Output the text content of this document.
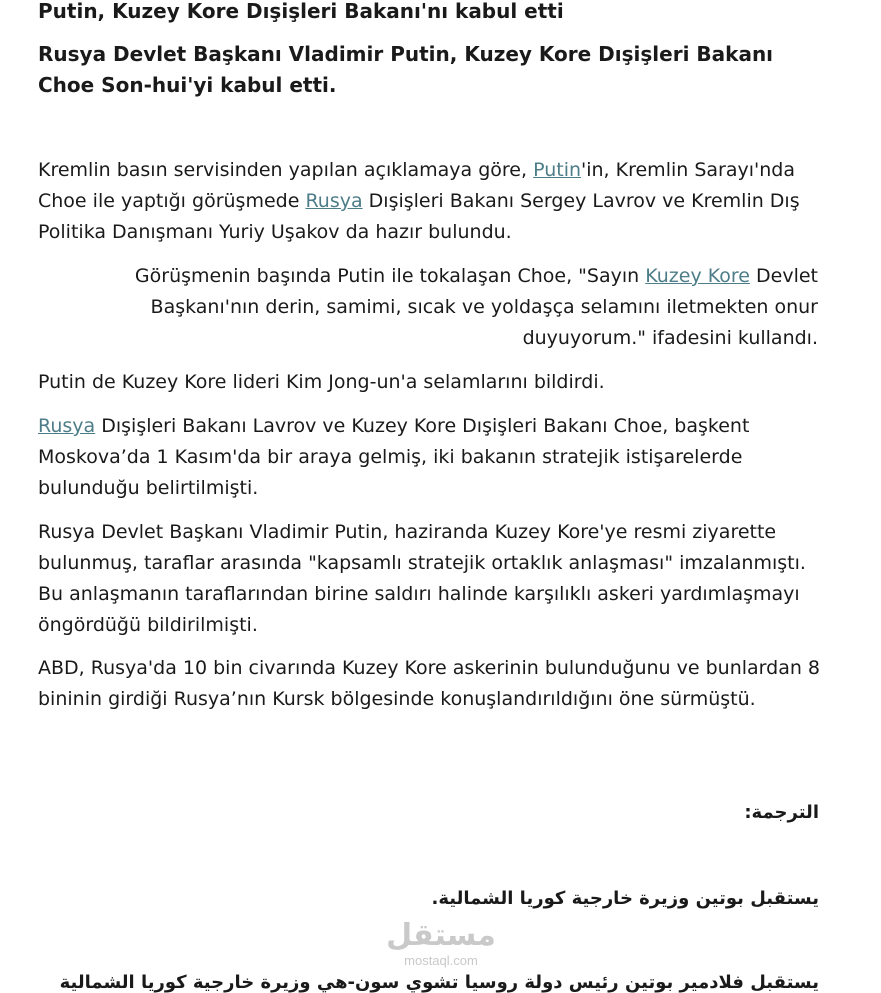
Putin, Kuzey Kore Dışişleri Bakanı'nı kabul etti

Rusya Devlet Başkanı Vladimir Putin, Kuzey Kore Dışişleri Bakanı Choe Son-hui'yi kabul etti.

Kremlin basın servisinden yapılan açıklamaya göre, Putin'in, Kremlin Sarayı'nda Choe ile yaptığı görüşmede Rusya Dışişleri Bakanı Sergey Lavrov ve Kremlin Dış Politika Danışmanı Yuriy Uşakov da hazır bulundu.

Görüşmenin başında Putin ile tokalaşan Choe, "Sayın Kuzey Kore Devlet Başkanı'nın derin, samimi, sıcak ve yoldaşça selamını iletmekten onur duyuyorum." ifadesini kullandı.

Putin de Kuzey Kore lideri Kim Jong-un'a selamlarını bildirdi.

Rusya Dışişleri Bakanı Lavrov ve Kuzey Kore Dışişleri Bakanı Choe, başkent Moskova’da 1 Kasım'da bir araya gelmiş, iki bakanın stratejik istişarelerde bulunduğu belirtilmişti.

Rusya Devlet Başkanı Vladimir Putin, haziranda Kuzey Kore'ye resmi ziyarette bulunmuş, taraflar arasında "kapsamlı stratejik ortaklık anlaşması" imzalanmıştı. Bu anlaşmanın taraflarından birine saldırı halinde karşılıklı askeri yardımlaşmayı öngördüğü bildirilmişti.

ABD, Rusya'da 10 bin civarında Kuzey Kore askerinin bulunduğunu ve bunlardan 8 bininin girdiği Rusya’nın Kursk bölgesinde konuşlandırıldığını öne sürmüştü.

الترجمة:

يستقبل بوتين وزيرة خارجية كوريا الشمالية.

يستقبل فلادمير بوتين رئيس دولة روسيا تشوي سون-هي وزيرة خارجية كوريا الشمالية

مستقل
mostaql.com
